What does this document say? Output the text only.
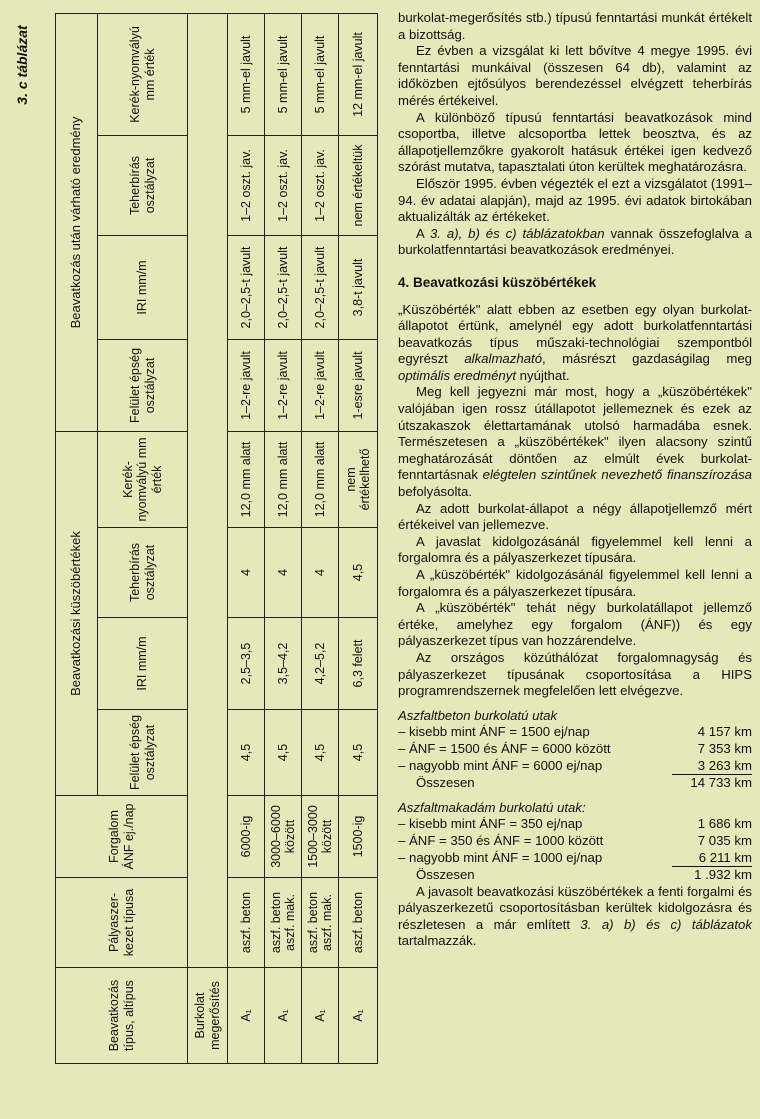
3. c táblázat
Beavatkozás típus, altípus	Pályaszer-kezet típusa	Forgalom ÁNF ej./nap	Beavatkozási küszöbértékek				Beavatkozás után várható eredmény			
			Felület épség osztályzat	IRI mm/m	Teherbírás osztályzat	Kerék-nyomvályú mm érték	Felület épség osztályzat	IRI mm/m	Teherbírás osztályzat	Kerék-nyomvályú mm érték
Burkolat megerősítés										
A₁	aszf. beton	6000-ig	4,5	2,5–3,5	4	12,0 mm alatt	1–2-re javult	2,0–2,5-t javult	1–2 oszt. jav.	5 mm-el javult
A₁	aszf. beton aszf. mak.	3000–6000 között	4,5	3,5–4,2	4	12,0 mm alatt	1–2-re javult	2,0–2,5-t javult	1–2 oszt. jav.	5 mm-el javult
A₁	aszf. beton aszf. mak.	1500–3000 között	4,5	4,2–5,2	4	12,0 mm alatt	1–2-re javult	2,0–2,5-t javult	1–2 oszt. jav.	5 mm-el javult
A₁	aszf. beton	1500-ig	4,5	6,3 felett	4,5	nem értékelhető	1-esre javult	3,8-t javult	nem értékeltük	12 mm-el javult

burkolat-megerősítés stb.) típusú fenntartási munkát értékelt a bizottság.

Ez évben a vizsgálat ki lett bővítve 4 megye 1995. évi fenntartási munkáival (összesen 64 db), valamint az időközben ejtősúlyos berendezéssel elvégzett teherbírás mérés értékeivel.

A különböző típusú fenntartási beavatkozások mind csoportba, illetve alcsoportba lettek beosztva, és az állapotjellemzőkre gyakorolt hatásuk értékei igen kedvező szórást mutatva, tapasztalati úton kerültek meghatározásra.

Először 1995. évben végezték el ezt a vizsgálatot (1991–94. év adatai alapján), majd az 1995. évi adatok birtokában aktualizálták az értékeket.

A 3. a), b) és c) táblázatokban vannak összefoglalva a burkolatfenntartási beavatkozások eredményei.

4. Beavatkozási küszöbértékek

„Küszöbérték" alatt ebben az esetben egy olyan burkolat-állapotot értünk, amelynél egy adott burkolatfenntartási beavatkozás típus műszaki-technológiai szempontból egyrészt alkalmazható, másrészt gazdaságilag meg optimális eredményt nyújthat.

Meg kell jegyezni már most, hogy a „küszöbértékek" valójában igen rossz útállapotot jellemeznek és ezek az útszakaszok élettartamának utolsó harmadába esnek. Természetesen a „küszöbértékek" ilyen alacsony szintű meghatározását döntően az elmúlt évek burkolat-fenntartásnak elégtelen szintűnek nevezhető finanszírozása befolyásolta.

Az adott burkolat-állapot a négy állapotjellemző mért értékeivel van jellemezve.

A javaslat kidolgozásánál figyelemmel kell lenni a forgalomra és a pályaszerkezet típusára.

A „küszöbérték" kidolgozásánál figyelemmel kell lenni a forgalomra és a pályaszerkezet típusára.

A „küszöbérték" tehát négy burkolatállapot jellemző értéke, amelyhez egy forgalom (ÁNF)) és egy pályaszerkezet típus van hozzárendelve.

Az országos közúthálózat forgalomnagyság és pályaszerkezet típusának csoportosítása a HIPS programrendszernek megfelelően lett elvégezve.

Aszfaltbeton burkolatú utak

– kisebb mint ÁNF = 1500 ej/nap	4 157 km
– ÁNF = 1500 és ÁNF = 6000 között	7 353 km
– nagyobb mint ÁNF = 6000 ej/nap	3 263 km
Összesen	14 733 km

Aszfaltmakadám burkolatú utak:

– kisebb mint ÁNF = 350 ej/nap	1 686 km
– ÁNF = 350 és ÁNF = 1000 között	7 035 km
– nagyobb mint ÁNF = 1000 ej/nap	6 211 km
Összesen	1 .932 km

A javasolt beavatkozási küszöbértékek a fenti forgalmi és pályaszerkezetű csoportosításban kerültek kidolgozásra és részletesen a már említett 3. a) b) és c) táblázatok tartalmazzák.
